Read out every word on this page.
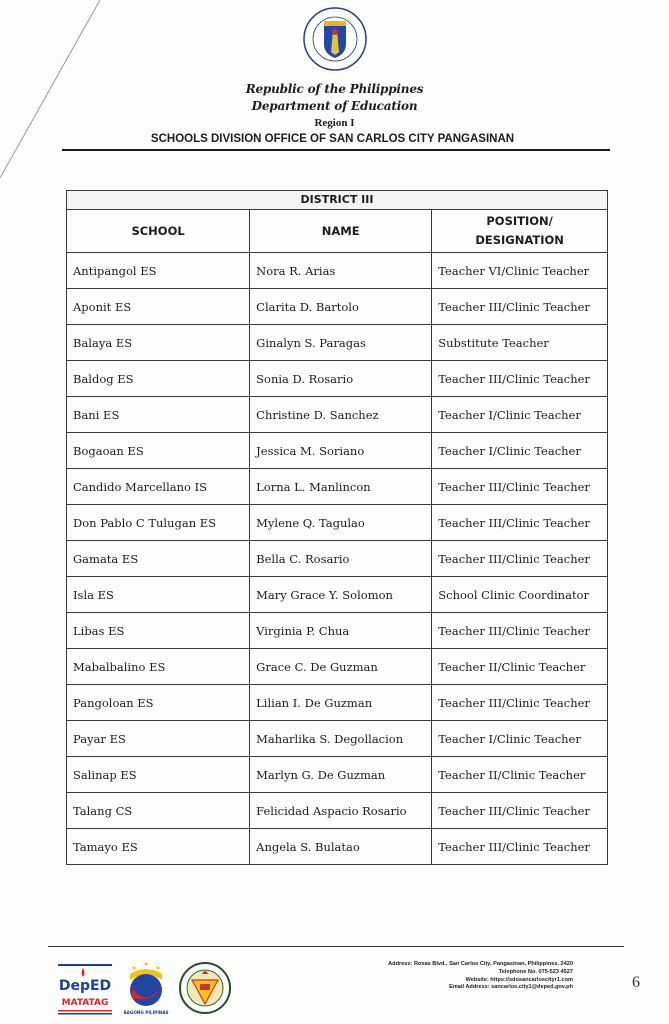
Republic of the Philippines
Department of Education
Region I
SCHOOLS DIVISION OFFICE OF SAN CARLOS CITY PANGASINAN
DISTRICT III		
SCHOOL	NAME	POSITION/
DESIGNATION
Antipangol ES	Nora R. Arias	Teacher VI/Clinic Teacher
Aponit ES	Clarita D. Bartolo	Teacher III/Clinic Teacher
Balaya ES	Ginalyn S. Paragas	Substitute Teacher
Baldog ES	Sonia D. Rosario	Teacher III/Clinic Teacher
Bani ES	Christine D. Sanchez	Teacher I/Clinic Teacher
Bogaoan ES	Jessica M. Soriano	Teacher I/Clinic Teacher
Candido Marcellano IS	Lorna L. Manlincon	Teacher III/Clinic Teacher
Don Pablo C Tulugan ES	Mylene Q. Tagulao	Teacher III/Clinic Teacher
Gamata ES	Bella C. Rosario	Teacher III/Clinic Teacher
Isla ES	Mary Grace Y. Solomon	School Clinic Coordinator
Libas ES	Virginia P. Chua	Teacher III/Clinic Teacher
Mabalbalino ES	Grace C. De Guzman	Teacher II/Clinic Teacher
Pangoloan ES	Lilian I. De Guzman	Teacher III/Clinic Teacher
Payar ES	Maharlika S. Degollacion	Teacher I/Clinic Teacher
Salinap ES	Marlyn G. De Guzman	Teacher II/Clinic Teacher
Talang CS	Felicidad Aspacio Rosario	Teacher III/Clinic Teacher
Tamayo ES	Angela S. Bulatao	Teacher III/Clinic Teacher
DepED
MATATAG
BAGONG PILIPINAS
Address: Roxas Blvd., San Carlos City, Pangasinan, Philippines, 2420
Telephone No. 075-523 4527
Website: https://sdosancarloscityr1.com
Email Address: sancarlos.city1@deped.gov.ph	6
